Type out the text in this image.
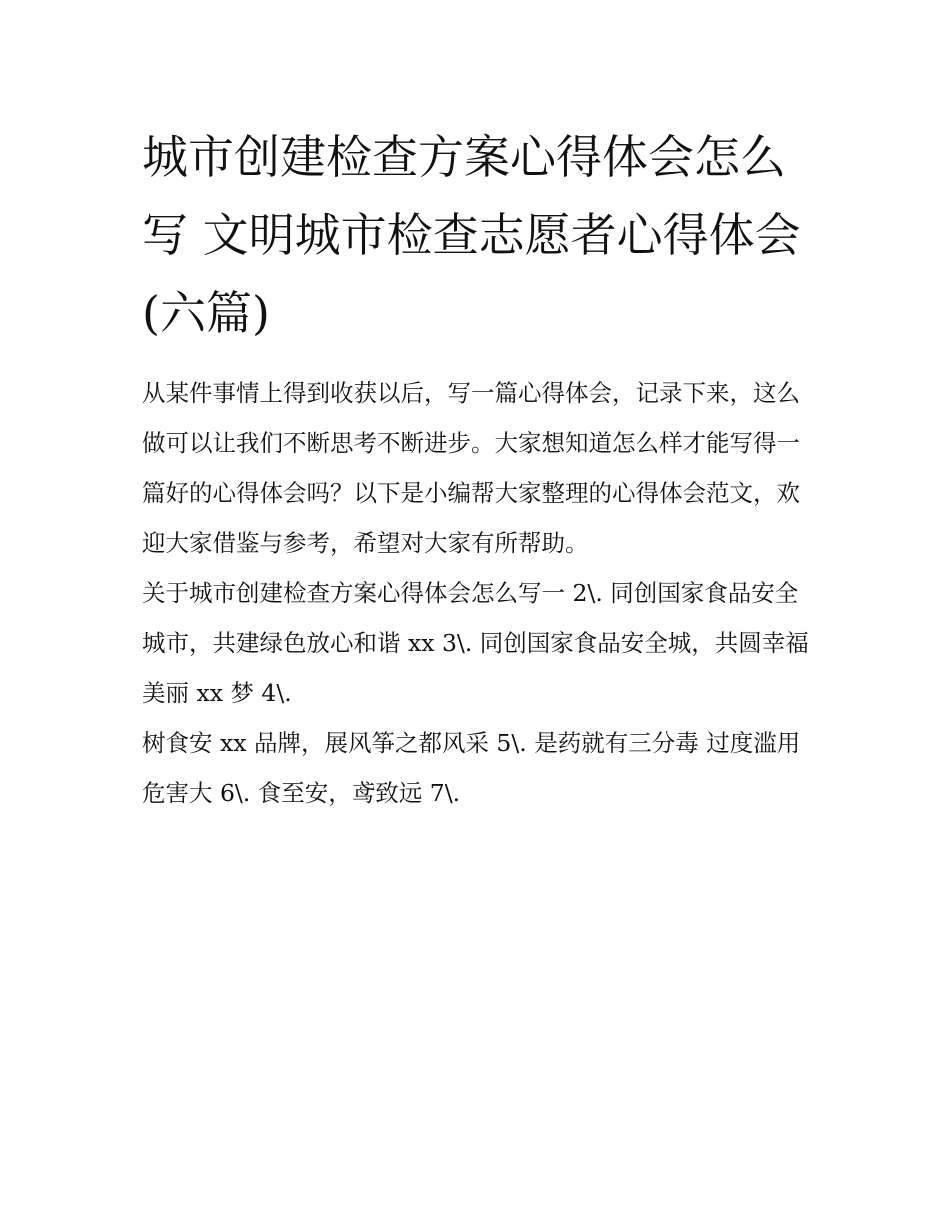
城市创建检查方案心得体会怎么写 文明城市检查志愿者心得体会(六篇)

从某件事情上得到收获以后，写一篇心得体会，记录下来，这么做可以让我们不断思考不断进步。大家想知道怎么样才能写得一篇好的心得体会吗？以下是小编帮大家整理的心得体会范文，欢迎大家借鉴与参考，希望对大家有所帮助。

关于城市创建检查方案心得体会怎么写一 2\. 同创国家食品安全城市，共建绿色放心和谐 xx 3\. 同创国家食品安全城，共圆幸福美丽 xx 梦 4\.

树食安 xx 品牌，展风筝之都风采 5\. 是药就有三分毒 过度滥用危害大 6\. 食至安，鸢致远 7\.
